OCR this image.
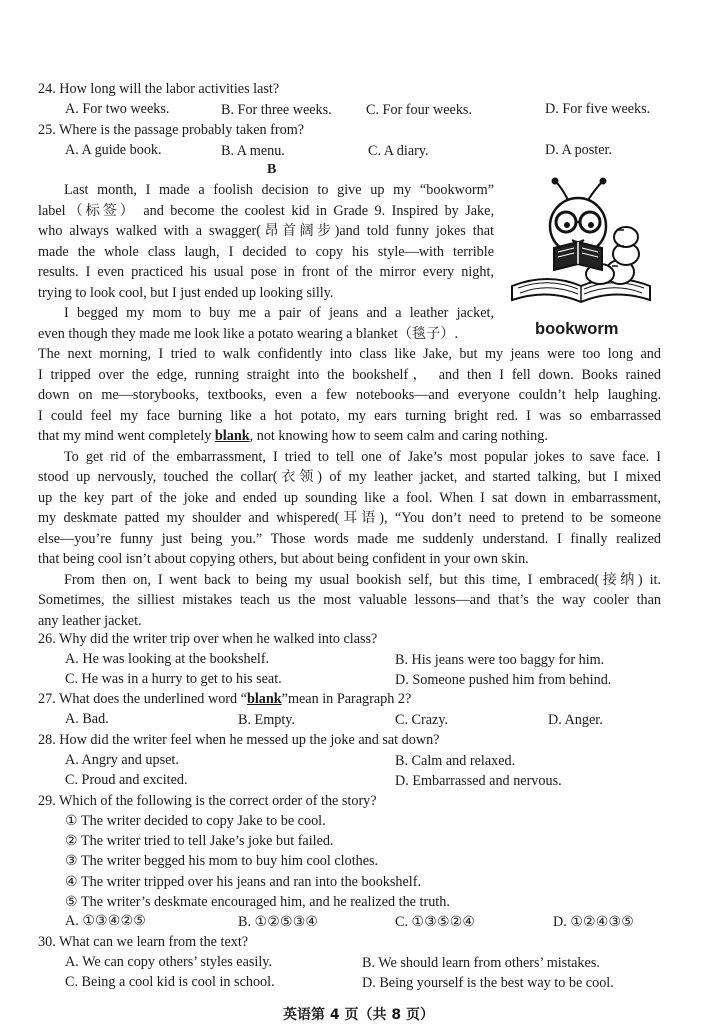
24. How long will the labor activities last?
A. For two weeks.	B. For three weeks. C. For four weeks.	D. For five weeks.
25. Where is the passage probably taken from?
A. A guide book.	B. A menu.	C. A diary.	D. A poster.
B
Last month, I made a foolish decision to give up my “bookworm”
label（标签） and become the coolest kid in Grade 9. Inspired by Jake,
who always walked with a swagger(昂首阔步)and told funny jokes that
made the whole class laugh, I decided to copy his style—with terrible
results. I even practiced his usual pose in front of the mirror every night,
trying to look cool, but I just ended up looking silly.
I begged my mom to buy me a pair of jeans and a leather jacket,
even though they made me look like a potato wearing a blanket（毯子）.	bookworm
The next morning, I tried to walk confidently into class like Jake, but my jeans were too long and
I tripped over the edge, running straight into the bookshelf， and then I fell down. Books rained
down on me—storybooks, textbooks, even a few notebooks—and everyone couldn’t help laughing.
I could feel my face burning like a hot potato, my ears turning bright red. I was so embarrassed
that my mind went completely blank, not knowing how to seem calm and caring nothing.
To get rid of the embarrassment, I tried to tell one of Jake’s most popular jokes to save face. I
stood up nervously, touched the collar(衣领) of my leather jacket, and started talking, but I mixed
up the key part of the joke and ended up sounding like a fool. When I sat down in embarrassment,
my deskmate patted my shoulder and whispered(耳语), “You don’t need to pretend to be someone
else—you’re funny just being you.” Those words made me suddenly understand. I finally realized
that being cool isn’t about copying others, but about being confident in your own skin.
From then on, I went back to being my usual bookish self, but this time, I embraced(接纳) it.
Sometimes, the silliest mistakes teach us the most valuable lessons—and that’s the way cooler than
any leather jacket.
26. Why did the writer trip over when he walked into class?
A. He was looking at the bookshelf.	B. His jeans were too baggy for him.
C. He was in a hurry to get to his seat.	D. Someone pushed him from behind.
27. What does the underlined word “blank”mean in Paragraph 2?
A. Bad.	B. Empty.	C. Crazy.	D. Anger.
28. How did the writer feel when he messed up the joke and sat down?
A. Angry and upset.	B. Calm and relaxed.
C. Proud and excited.	D. Embarrassed and nervous.
29. Which of the following is the correct order of the story?
① The writer decided to copy Jake to be cool.
② The writer tried to tell Jake’s joke but failed.
③ The writer begged his mom to buy him cool clothes.
④ The writer tripped over his jeans and ran into the bookshelf.
⑤ The writer’s deskmate encouraged him, and he realized the truth.
A. ①③④②⑤	B. ①②⑤③④	C. ①③⑤②④	D. ①②④③⑤
30. What can we learn from the text?
A. We can copy others’ styles easily.	B. We should learn from others’ mistakes.
C. Being a cool kid is cool in school.	D. Being yourself is the best way to be cool.
英语第 4 页（共 8 页）
